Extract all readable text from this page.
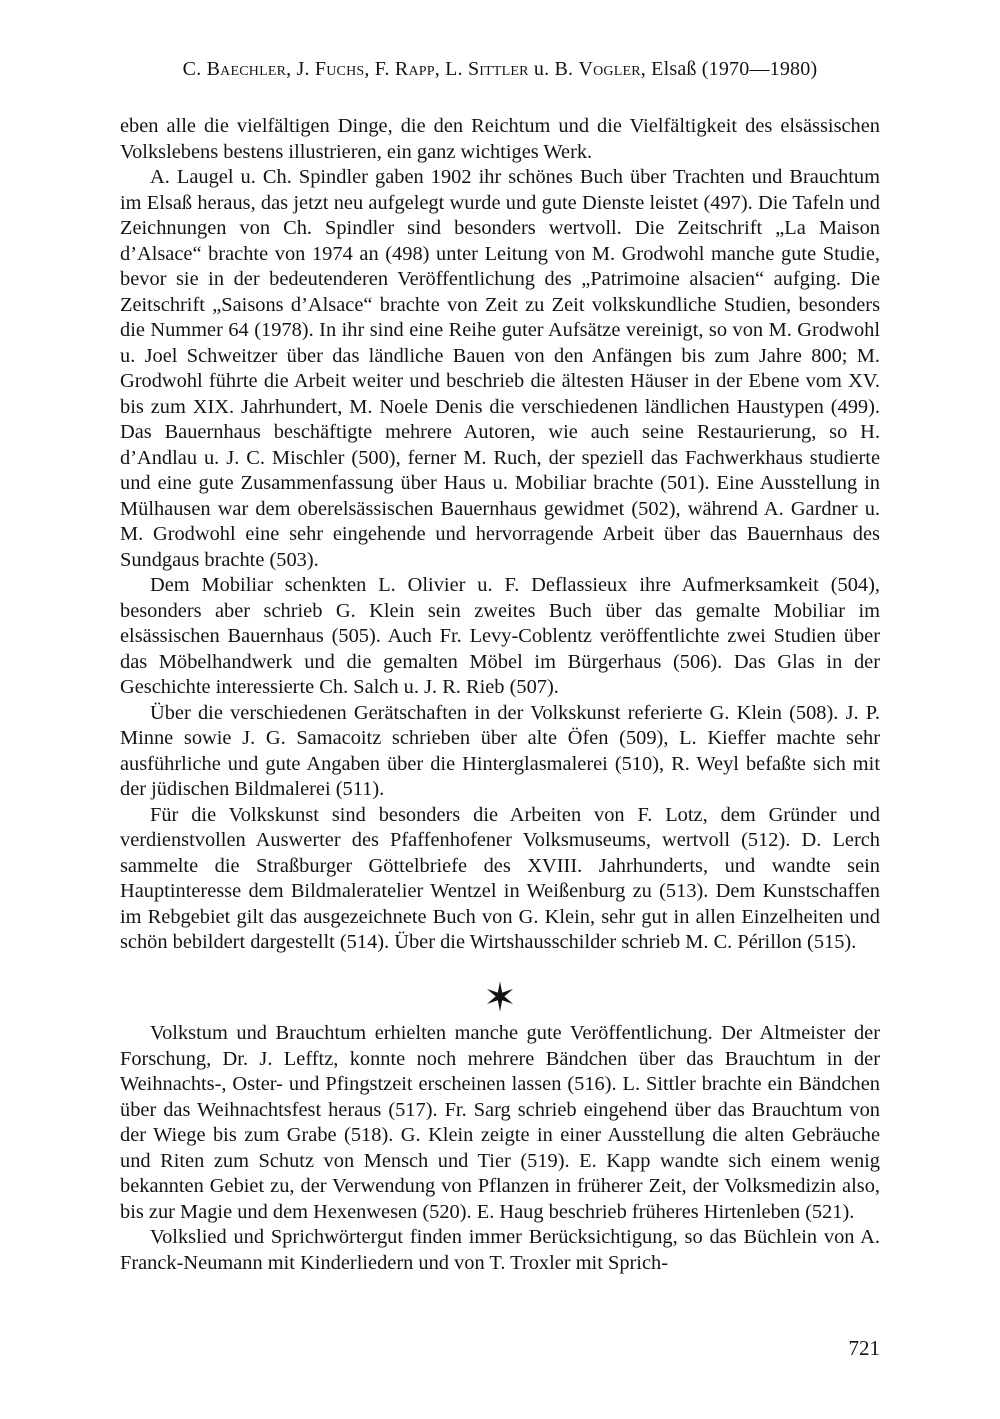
C. Baechler, J. Fuchs, F. Rapp, L. Sittler u. B. Vogler, Elsaß (1970—1980)

eben alle die vielfältigen Dinge, die den Reichtum und die Vielfältigkeit des elsässischen Volkslebens bestens illustrieren, ein ganz wichtiges Werk.

A. Laugel u. Ch. Spindler gaben 1902 ihr schönes Buch über Trachten und Brauchtum im Elsaß heraus, das jetzt neu aufgelegt wurde und gute Dienste leistet (497). Die Tafeln und Zeichnungen von Ch. Spindler sind besonders wertvoll. Die Zeitschrift „La Maison d’Alsace“ brachte von 1974 an (498) unter Leitung von M. Grodwohl manche gute Studie, bevor sie in der bedeutenderen Veröffentlichung des „Patrimoine alsacien“ aufging. Die Zeitschrift „Saisons d’Alsace“ brachte von Zeit zu Zeit volkskundliche Studien, besonders die Nummer 64 (1978). In ihr sind eine Reihe guter Aufsätze vereinigt, so von M. Grodwohl u. Joel Schweitzer über das ländliche Bauen von den Anfängen bis zum Jahre 800; M. Grodwohl führte die Arbeit weiter und beschrieb die ältesten Häuser in der Ebene vom XV. bis zum XIX. Jahrhundert, M. Noele Denis die verschiedenen ländlichen Haustypen (499). Das Bauernhaus beschäftigte mehrere Autoren, wie auch seine Restaurierung, so H. d’Andlau u. J. C. Mischler (500), ferner M. Ruch, der speziell das Fachwerkhaus studierte und eine gute Zusammenfassung über Haus u. Mobiliar brachte (501). Eine Ausstellung in Mülhausen war dem oberelsässischen Bauernhaus gewidmet (502), während A. Gardner u. M. Grodwohl eine sehr eingehende und hervorragende Arbeit über das Bauernhaus des Sundgaus brachte (503).

Dem Mobiliar schenkten L. Olivier u. F. Deflassieux ihre Aufmerksamkeit (504), besonders aber schrieb G. Klein sein zweites Buch über das gemalte Mobiliar im elsässischen Bauernhaus (505). Auch Fr. Levy-Coblentz veröffentlichte zwei Studien über das Möbelhandwerk und die gemalten Möbel im Bürgerhaus (506). Das Glas in der Geschichte interessierte Ch. Salch u. J. R. Rieb (507).

Über die verschiedenen Gerätschaften in der Volkskunst referierte G. Klein (508). J. P. Minne sowie J. G. Samacoitz schrieben über alte Öfen (509), L. Kieffer machte sehr ausführliche und gute Angaben über die Hinterglasmalerei (510), R. Weyl befaßte sich mit der jüdischen Bildmalerei (511).

Für die Volkskunst sind besonders die Arbeiten von F. Lotz, dem Gründer und verdienstvollen Auswerter des Pfaffenhofener Volksmuseums, wertvoll (512). D. Lerch sammelte die Straßburger Göttelbriefe des XVIII. Jahrhunderts, und wandte sein Hauptinteresse dem Bildmaleratelier Wentzel in Weißenburg zu (513). Dem Kunstschaffen im Rebgebiet gilt das ausgezeichnete Buch von G. Klein, sehr gut in allen Einzelheiten und schön bebildert dargestellt (514). Über die Wirtshausschilder schrieb M. C. Périllon (515).

✶

Volkstum und Brauchtum erhielten manche gute Veröffentlichung. Der Altmeister der Forschung, Dr. J. Lefftz, konnte noch mehrere Bändchen über das Brauchtum in der Weihnachts-, Oster- und Pfingstzeit erscheinen lassen (516). L. Sittler brachte ein Bändchen über das Weihnachtsfest heraus (517). Fr. Sarg schrieb eingehend über das Brauchtum von der Wiege bis zum Grabe (518). G. Klein zeigte in einer Ausstellung die alten Gebräuche und Riten zum Schutz von Mensch und Tier (519). E. Kapp wandte sich einem wenig bekannten Gebiet zu, der Verwendung von Pflanzen in früherer Zeit, der Volksmedizin also, bis zur Magie und dem Hexenwesen (520). E. Haug beschrieb früheres Hirtenleben (521).

Volkslied und Sprichwörtergut finden immer Berücksichtigung, so das Büchlein von A. Franck-Neumann mit Kinderliedern und von T. Troxler mit Sprich-

721
